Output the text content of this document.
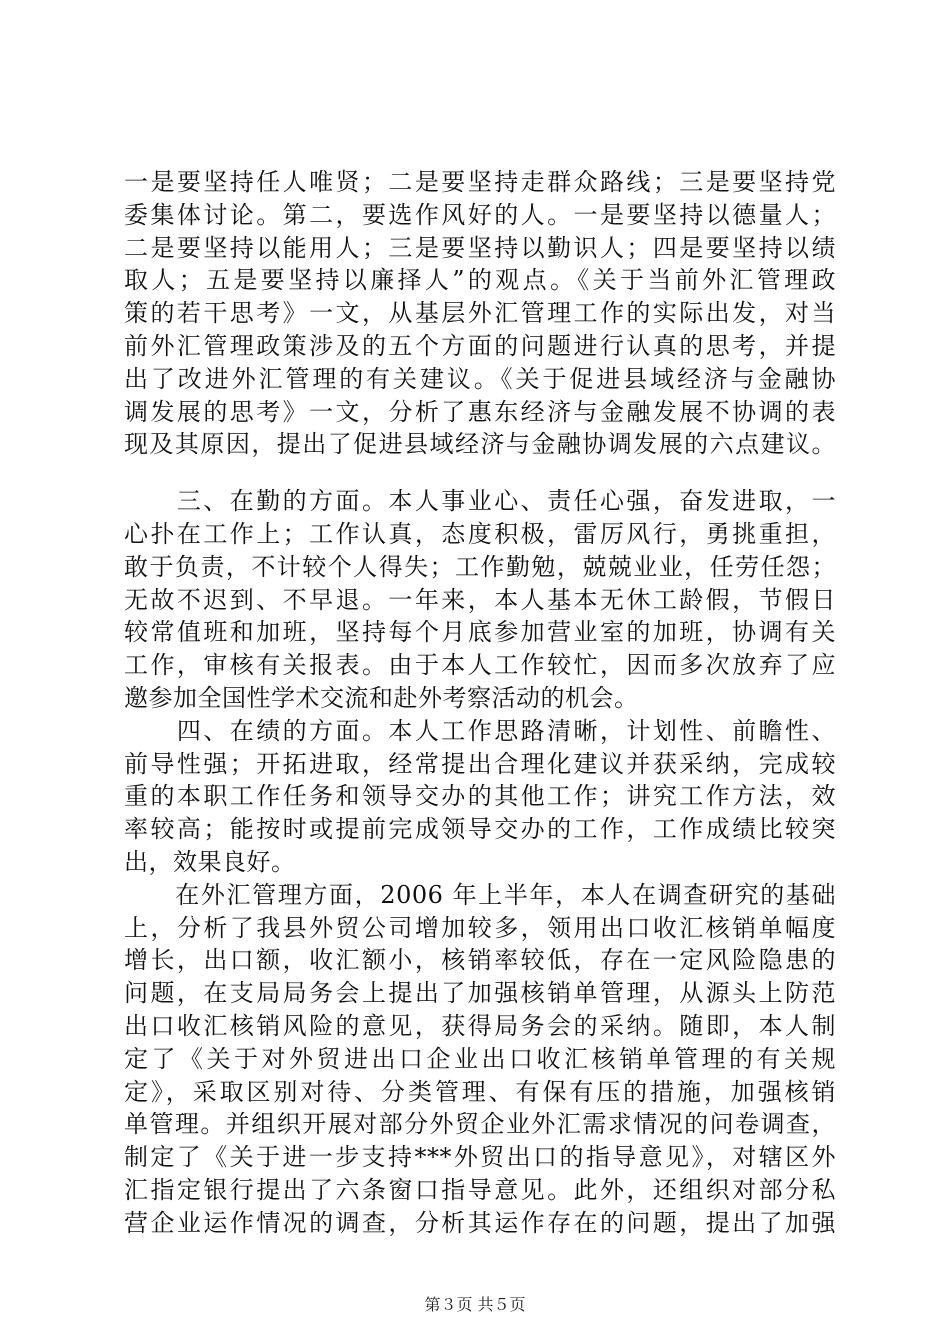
一是要坚持任人唯贤；二是要坚持走群众路线；三是要坚持党
委集体讨论。第二，要选作风好的人。一是要坚持以德量人；
二是要坚持以能用人；三是要坚持以勤识人；四是要坚持以绩
取人；五是要坚持以廉择人”的观点。《关于当前外汇管理政
策的若干思考》一文，从基层外汇管理工作的实际出发，对当
前外汇管理政策涉及的五个方面的问题进行认真的思考，并提
出了改进外汇管理的有关建议。《关于促进县域经济与金融协
调发展的思考》一文，分析了惠东经济与金融发展不协调的表
现及其原因，提出了促进县域经济与金融协调发展的六点建议。
　　三、在勤的方面。本人事业心、责任心强，奋发进取，一
心扑在工作上；工作认真，态度积极，雷厉风行，勇挑重担，
敢于负责，不计较个人得失；工作勤勉，兢兢业业，任劳任怨；
无故不迟到、不早退。一年来，本人基本无休工龄假，节假日
较常值班和加班，坚持每个月底参加营业室的加班，协调有关
工作，审核有关报表。由于本人工作较忙，因而多次放弃了应
邀参加全国性学术交流和赴外考察活动的机会。
　　四、在绩的方面。本人工作思路清晰，计划性、前瞻性、
前导性强；开拓进取，经常提出合理化建议并获采纳，完成较
重的本职工作任务和领导交办的其他工作；讲究工作方法，效
率较高；能按时或提前完成领导交办的工作，工作成绩比较突
出，效果良好。
　　在外汇管理方面，2006 年上半年，本人在调查研究的基础
上，分析了我县外贸公司增加较多，领用出口收汇核销单幅度
增长，出口额，收汇额小，核销率较低，存在一定风险隐患的
问题，在支局局务会上提出了加强核销单管理，从源头上防范
出口收汇核销风险的意见，获得局务会的采纳。随即，本人制
定了《关于对外贸进出口企业出口收汇核销单管理的有关规
定》，采取区别对待、分类管理、有保有压的措施，加强核销
单管理。并组织开展对部分外贸企业外汇需求情况的问卷调查，
制定了《关于进一步支持***外贸出口的指导意见》，对辖区外
汇指定银行提出了六条窗口指导意见。此外，还组织对部分私
营企业运作情况的调查，分析其运作存在的问题，提出了加强
第３页 共５页
